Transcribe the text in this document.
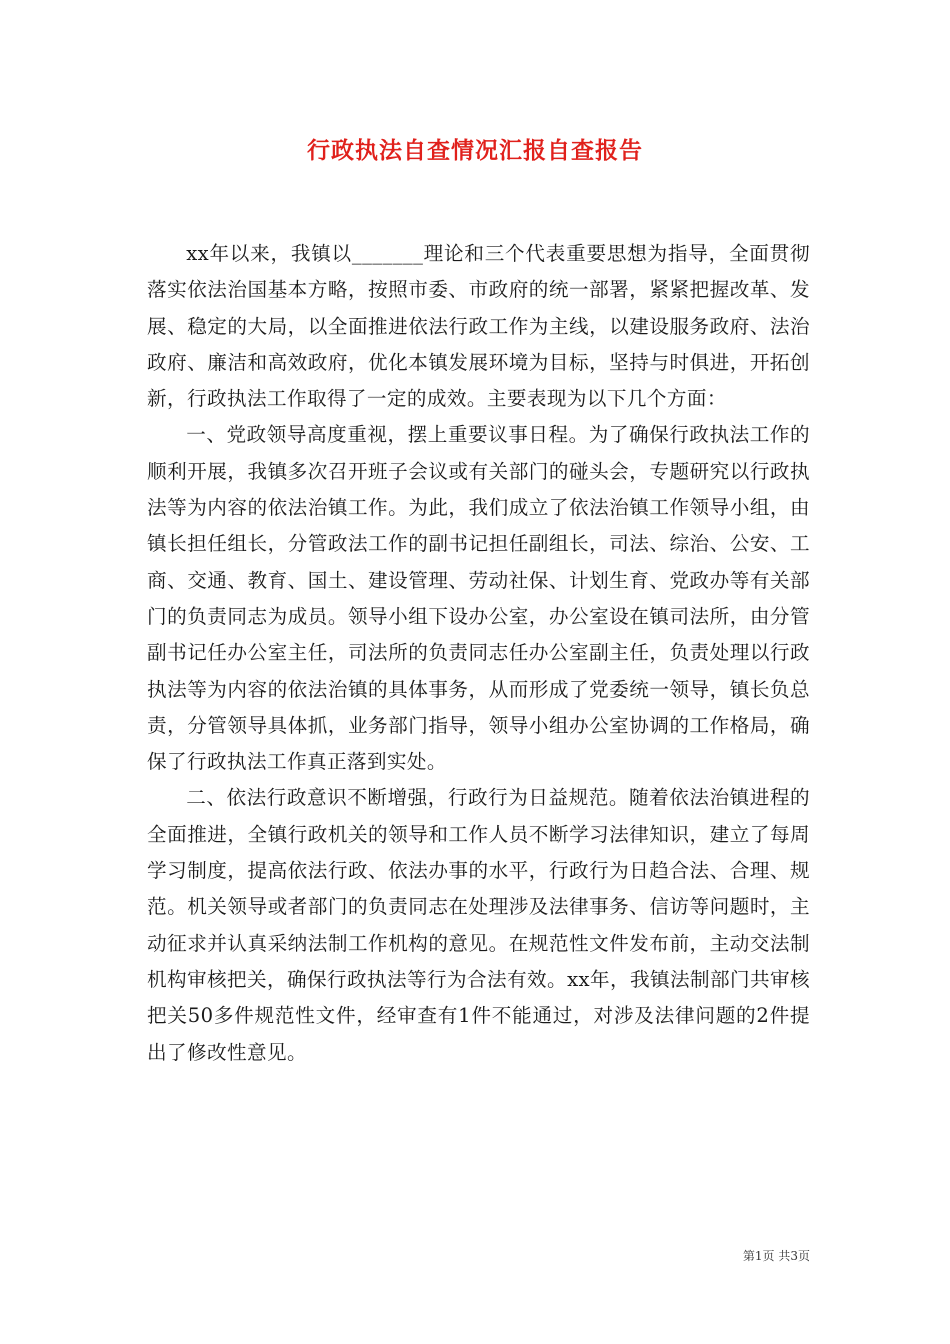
行政执法自查情况汇报自查报告

xx年以来，我镇以_______理论和三个代表重要思想为指导，全面贯彻落实依法治国基本方略，按照市委、市政府的统一部署，紧紧把握改革、发展、稳定的大局，以全面推进依法行政工作为主线，以建设服务政府、法治政府、廉洁和高效政府，优化本镇发展环境为目标，坚持与时俱进，开拓创新，行政执法工作取得了一定的成效。主要表现为以下几个方面：

一、党政领导高度重视，摆上重要议事日程。为了确保行政执法工作的顺利开展，我镇多次召开班子会议或有关部门的碰头会，专题研究以行政执法等为内容的依法治镇工作。为此，我们成立了依法治镇工作领导小组，由镇长担任组长，分管政法工作的副书记担任副组长，司法、综治、公安、工商、交通、教育、国土、建设管理、劳动社保、计划生育、党政办等有关部门的负责同志为成员。领导小组下设办公室，办公室设在镇司法所，由分管副书记任办公室主任，司法所的负责同志任办公室副主任，负责处理以行政执法等为内容的依法治镇的具体事务，从而形成了党委统一领导，镇长负总责，分管领导具体抓，业务部门指导，领导小组办公室协调的工作格局，确保了行政执法工作真正落到实处。

二、依法行政意识不断增强，行政行为日益规范。随着依法治镇进程的全面推进，全镇行政机关的领导和工作人员不断学习法律知识，建立了每周学习制度，提高依法行政、依法办事的水平，行政行为日趋合法、合理、规范。机关领导或者部门的负责同志在处理涉及法律事务、信访等问题时，主动征求并认真采纳法制工作机构的意见。在规范性文件发布前，主动交法制机构审核把关，确保行政执法等行为合法有效。xx年，我镇法制部门共审核把关50多件规范性文件，经审查有1件不能通过，对涉及法律问题的2件提出了修改性意见。

第1页 共3页
